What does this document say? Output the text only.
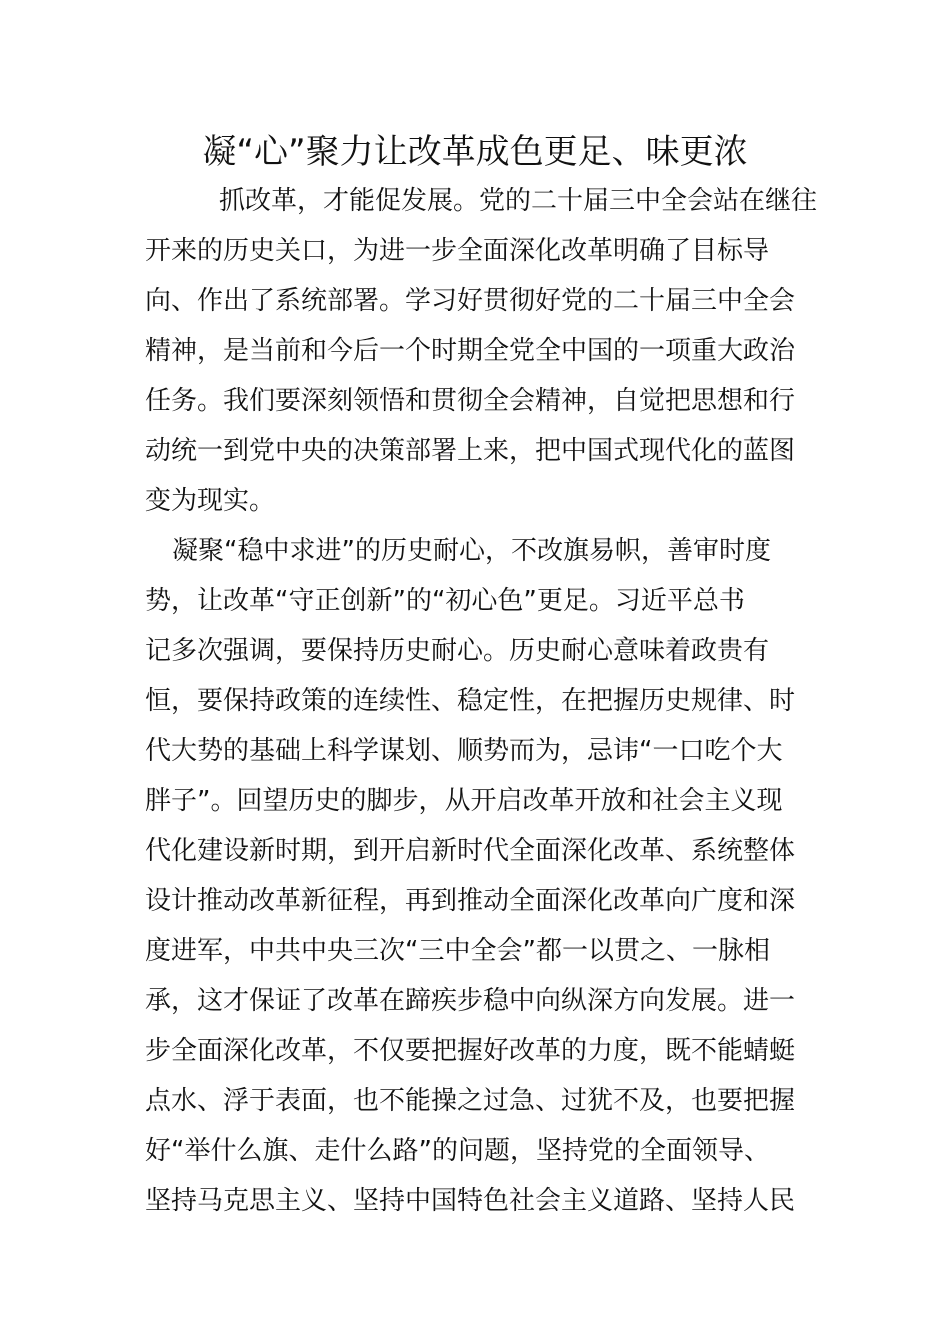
凝“心”聚力让改革成色更足、味更浓
抓改革，才能促发展。党的二十届三中全会站在继往
开来的历史关口，为进一步全面深化改革明确了目标导
向、作出了系统部署。学习好贯彻好党的二十届三中全会
精神，是当前和今后一个时期全党全中国的一项重大政治
任务。我们要深刻领悟和贯彻全会精神，自觉把思想和行
动统一到党中央的决策部署上来，把中国式现代化的蓝图
变为现实。
凝聚“稳中求进”的历史耐心，不改旗易帜，善审时度
势，让改革“守正创新”的“初心色”更足。习近平总书
记多次强调，要保持历史耐心。历史耐心意味着政贵有
恒，要保持政策的连续性、稳定性，在把握历史规律、时
代大势的基础上科学谋划、顺势而为，忌讳“一口吃个大
胖子”。回望历史的脚步，从开启改革开放和社会主义现
代化建设新时期，到开启新时代全面深化改革、系统整体
设计推动改革新征程，再到推动全面深化改革向广度和深
度进军，中共中央三次“三中全会”都一以贯之、一脉相
承，这才保证了改革在蹄疾步稳中向纵深方向发展。进一
步全面深化改革，不仅要把握好改革的力度，既不能蜻蜓
点水、浮于表面，也不能操之过急、过犹不及，也要把握
好“举什么旗、走什么路”的问题，坚持党的全面领导、
坚持马克思主义、坚持中国特色社会主义道路、坚持人民
